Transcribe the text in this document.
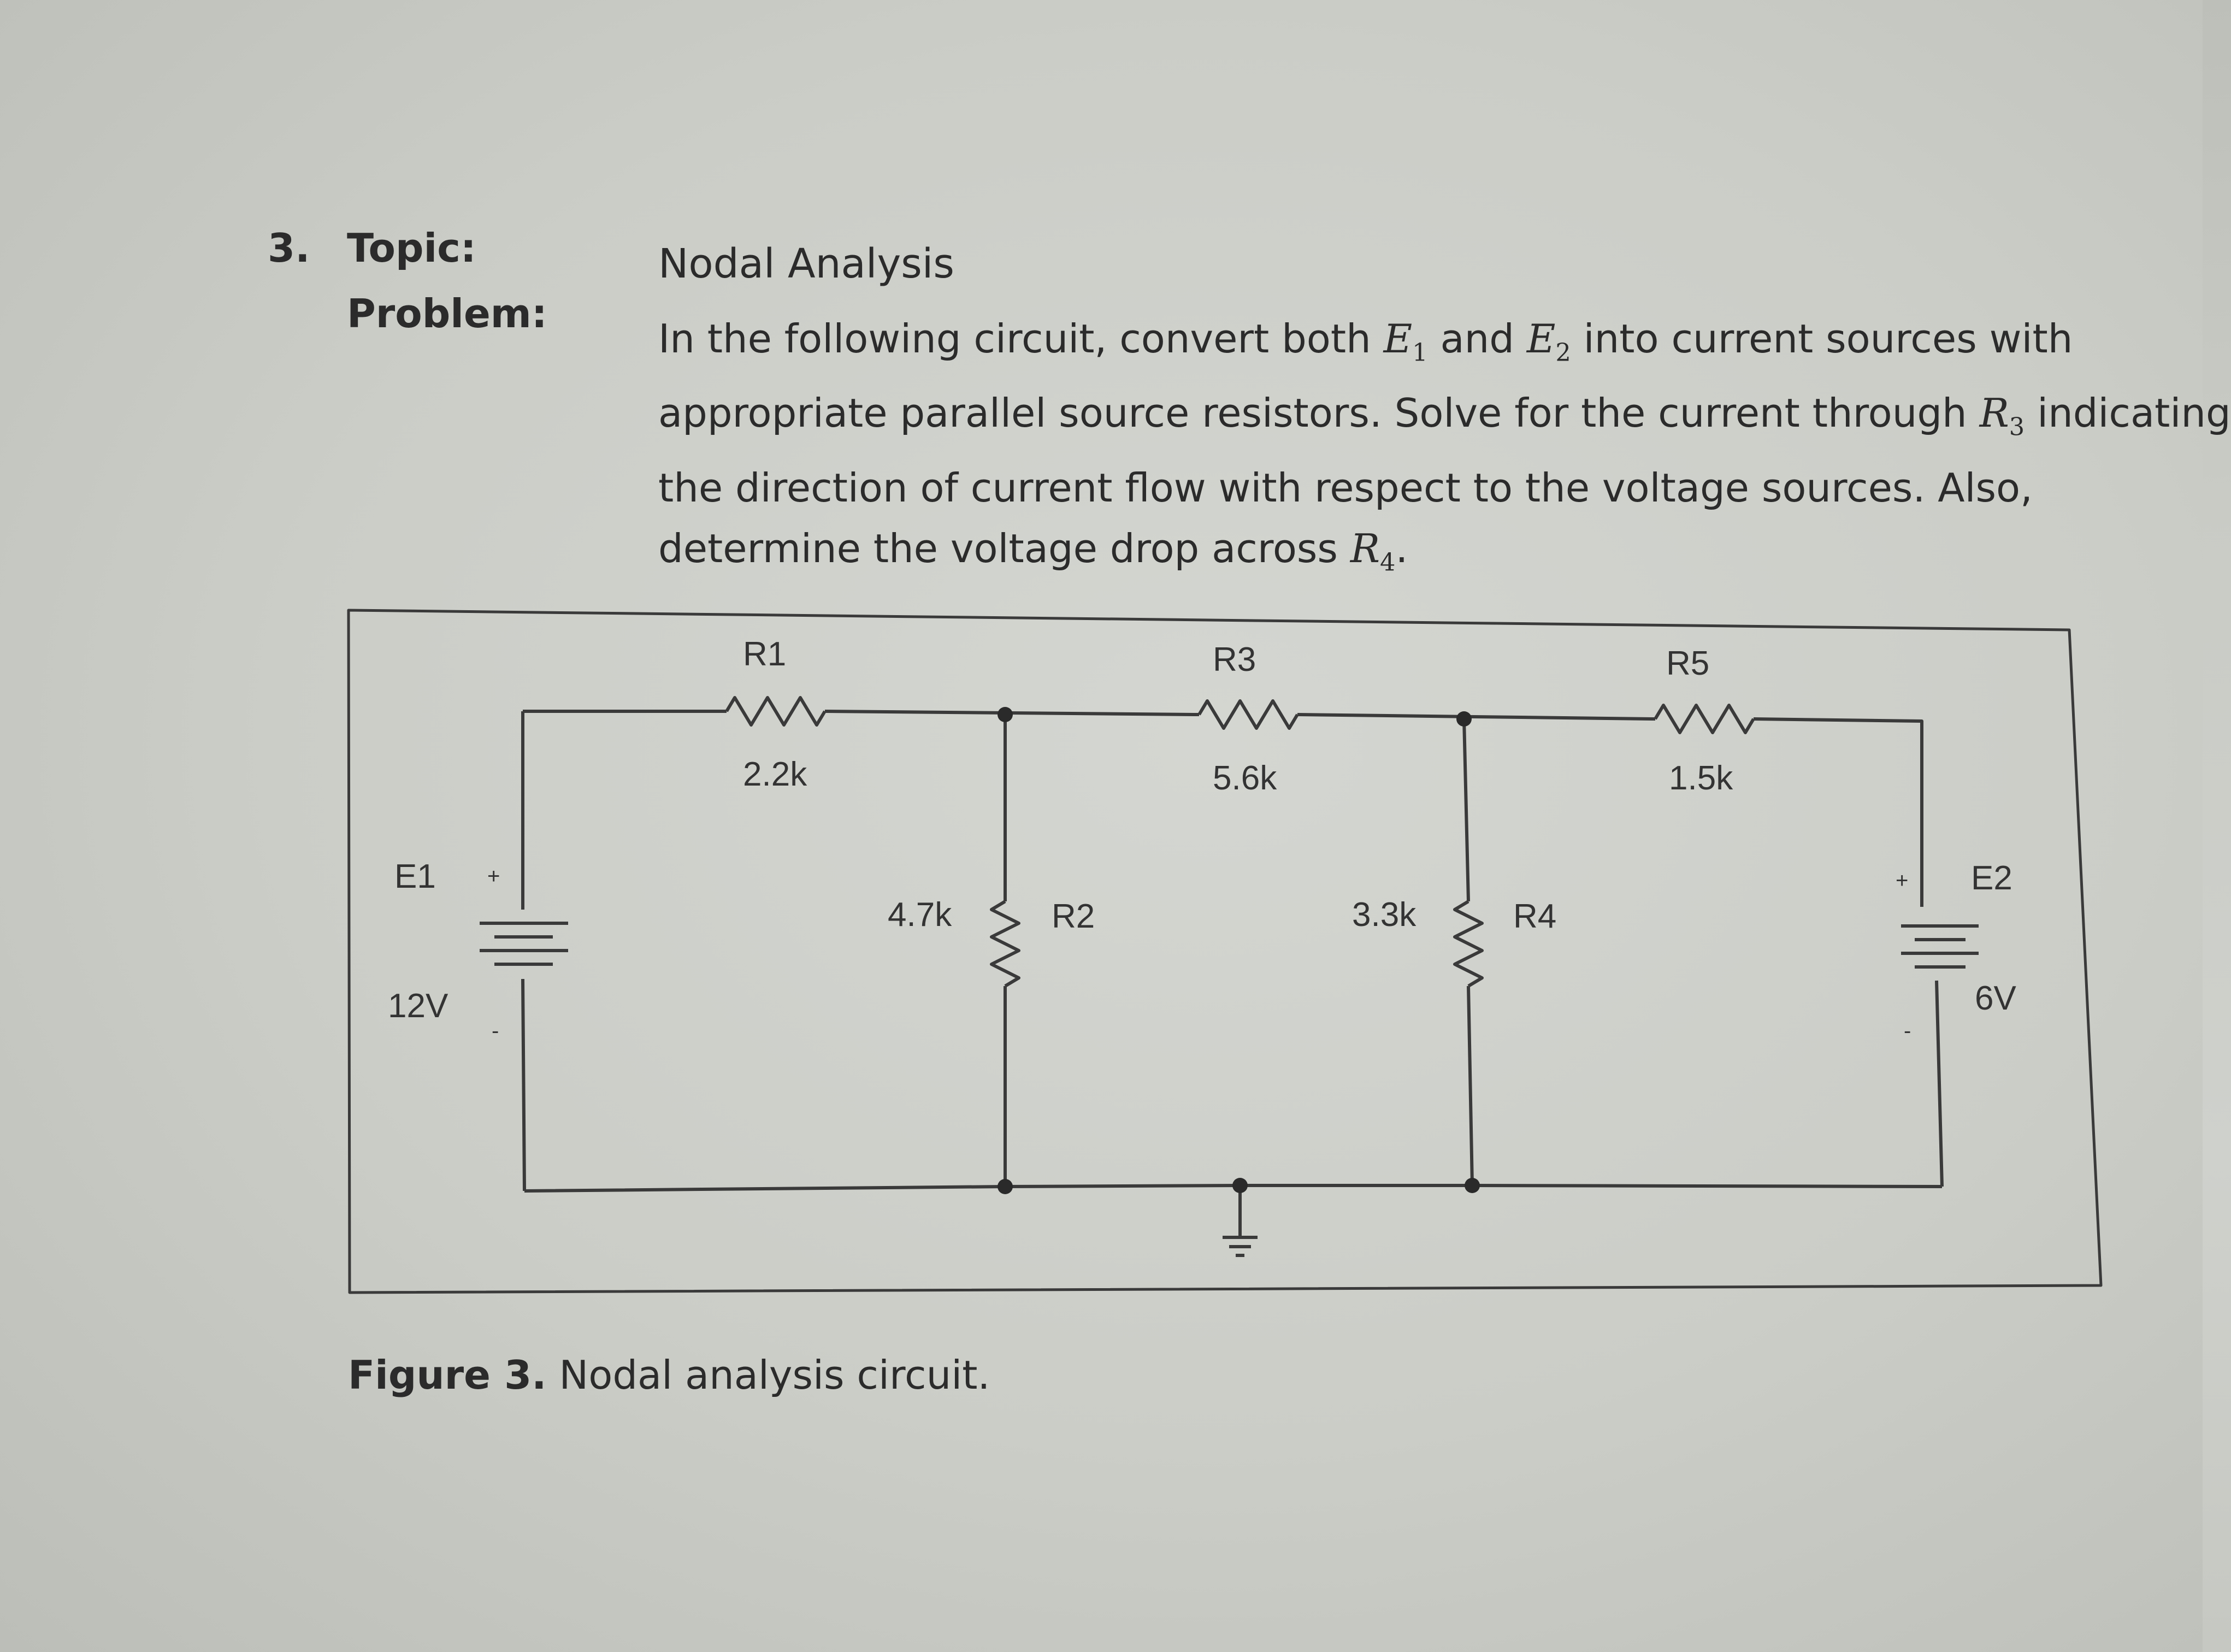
3. Topic:
Problem:
Nodal Analysis
In the following circuit, convert both $E_1$ and $E_2$ into current sources with
appropriate parallel source resistors. Solve for the current through $R_3$ indicating
the direction of current flow with respect to the voltage sources. Also,
determine the voltage drop across $R_4$.
R1
2.2k
R3
5.6k
R5
1.5k
4.7k	R2	3.3k	R4
E1
12V
E2
6V
+
-
+
-
Figure 3. Nodal analysis circuit.
